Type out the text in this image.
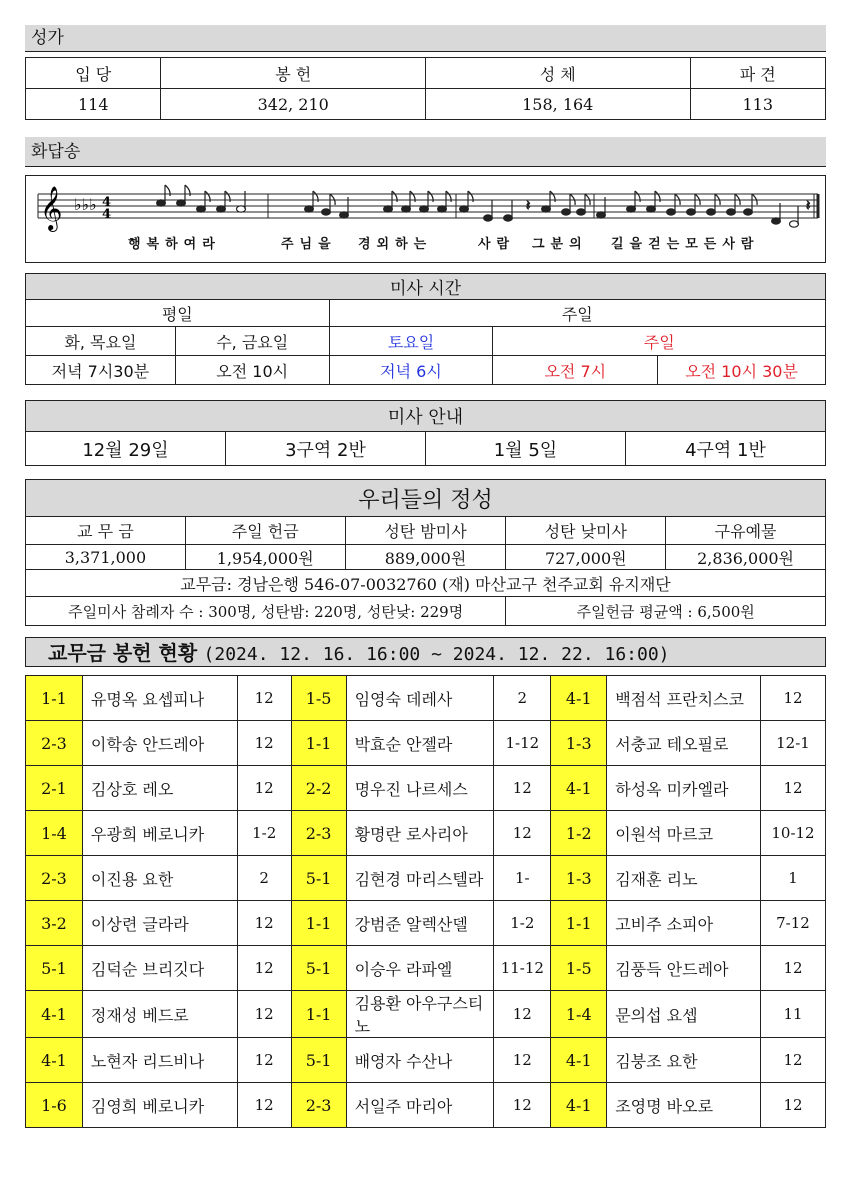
성가
입 당	봉 헌	성 체	파 견
114	342, 210	158, 164	113
화답송
𝄞 ♭♭♭ 4
4
𝄽	𝄽
행복하여라	주님을 경외하는	사람 그분의 길을걷는모든사람
미사 시간				
평일		주일		
화, 목요일	수, 금요일	토요일	주일	
저녁 7시30분	오전 10시	저녁 6시	오전 7시	오전 10시 30분
미사 안내
12월 29일	3구역 2반	1월 5일	4구역 1반
우리들의 정성				
교 무 금	주일 헌금	성탄 밤미사	성탄 낮미사	구유예물
3,371,000	1,954,000원	889,000원	727,000원	2,836,000원
교무금: 경남은행 546-07-0032760 (재) 마산교구 천주교회 유지재단				
주일미사 참례자 수 : 300명, 성탄밤: 220명, 성탄낮: 229명			주일헌금 평균액 : 6,500원	
교무금 봉헌 현황 (2024. 12. 16. 16:00 ~ 2024. 12. 22. 16:00)
1-1	유명옥 요셉피나	12	1-5	임영숙 데레사	2	4-1	백점석 프란치스코	12
2-3	이학송 안드레아	12	1-1	박효순 안젤라	1-12	1-3	서충교 테오필로	12-1
2-1	김상호 레오	12	2-2	명우진 나르세스	12	4-1	하성옥 미카엘라	12
1-4	우광희 베로니카	1-2	2-3	황명란 로사리아	12	1-2	이원석 마르코	10-12
2-3	이진용 요한	2	5-1	김현경 마리스텔라	1-	1-3	김재훈 리노	1
3-2	이상련 글라라	12	1-1	강범준 알렉산델	1-2	1-1	고비주 소피아	7-12
5-1	김덕순 브리깃다	12	5-1	이승우 라파엘	11-12	1-5	김풍득 안드레아	12
4-1	정재성 베드로	12	1-1	김용환 아우구스티노	12	1-4	문의섭 요셉	11
4-1	노현자 리드비나	12	5-1	배영자 수산나	12	4-1	김붕조 요한	12
1-6	김영희 베로니카	12	2-3	서일주 마리아	12	4-1	조영명 바오로	12
